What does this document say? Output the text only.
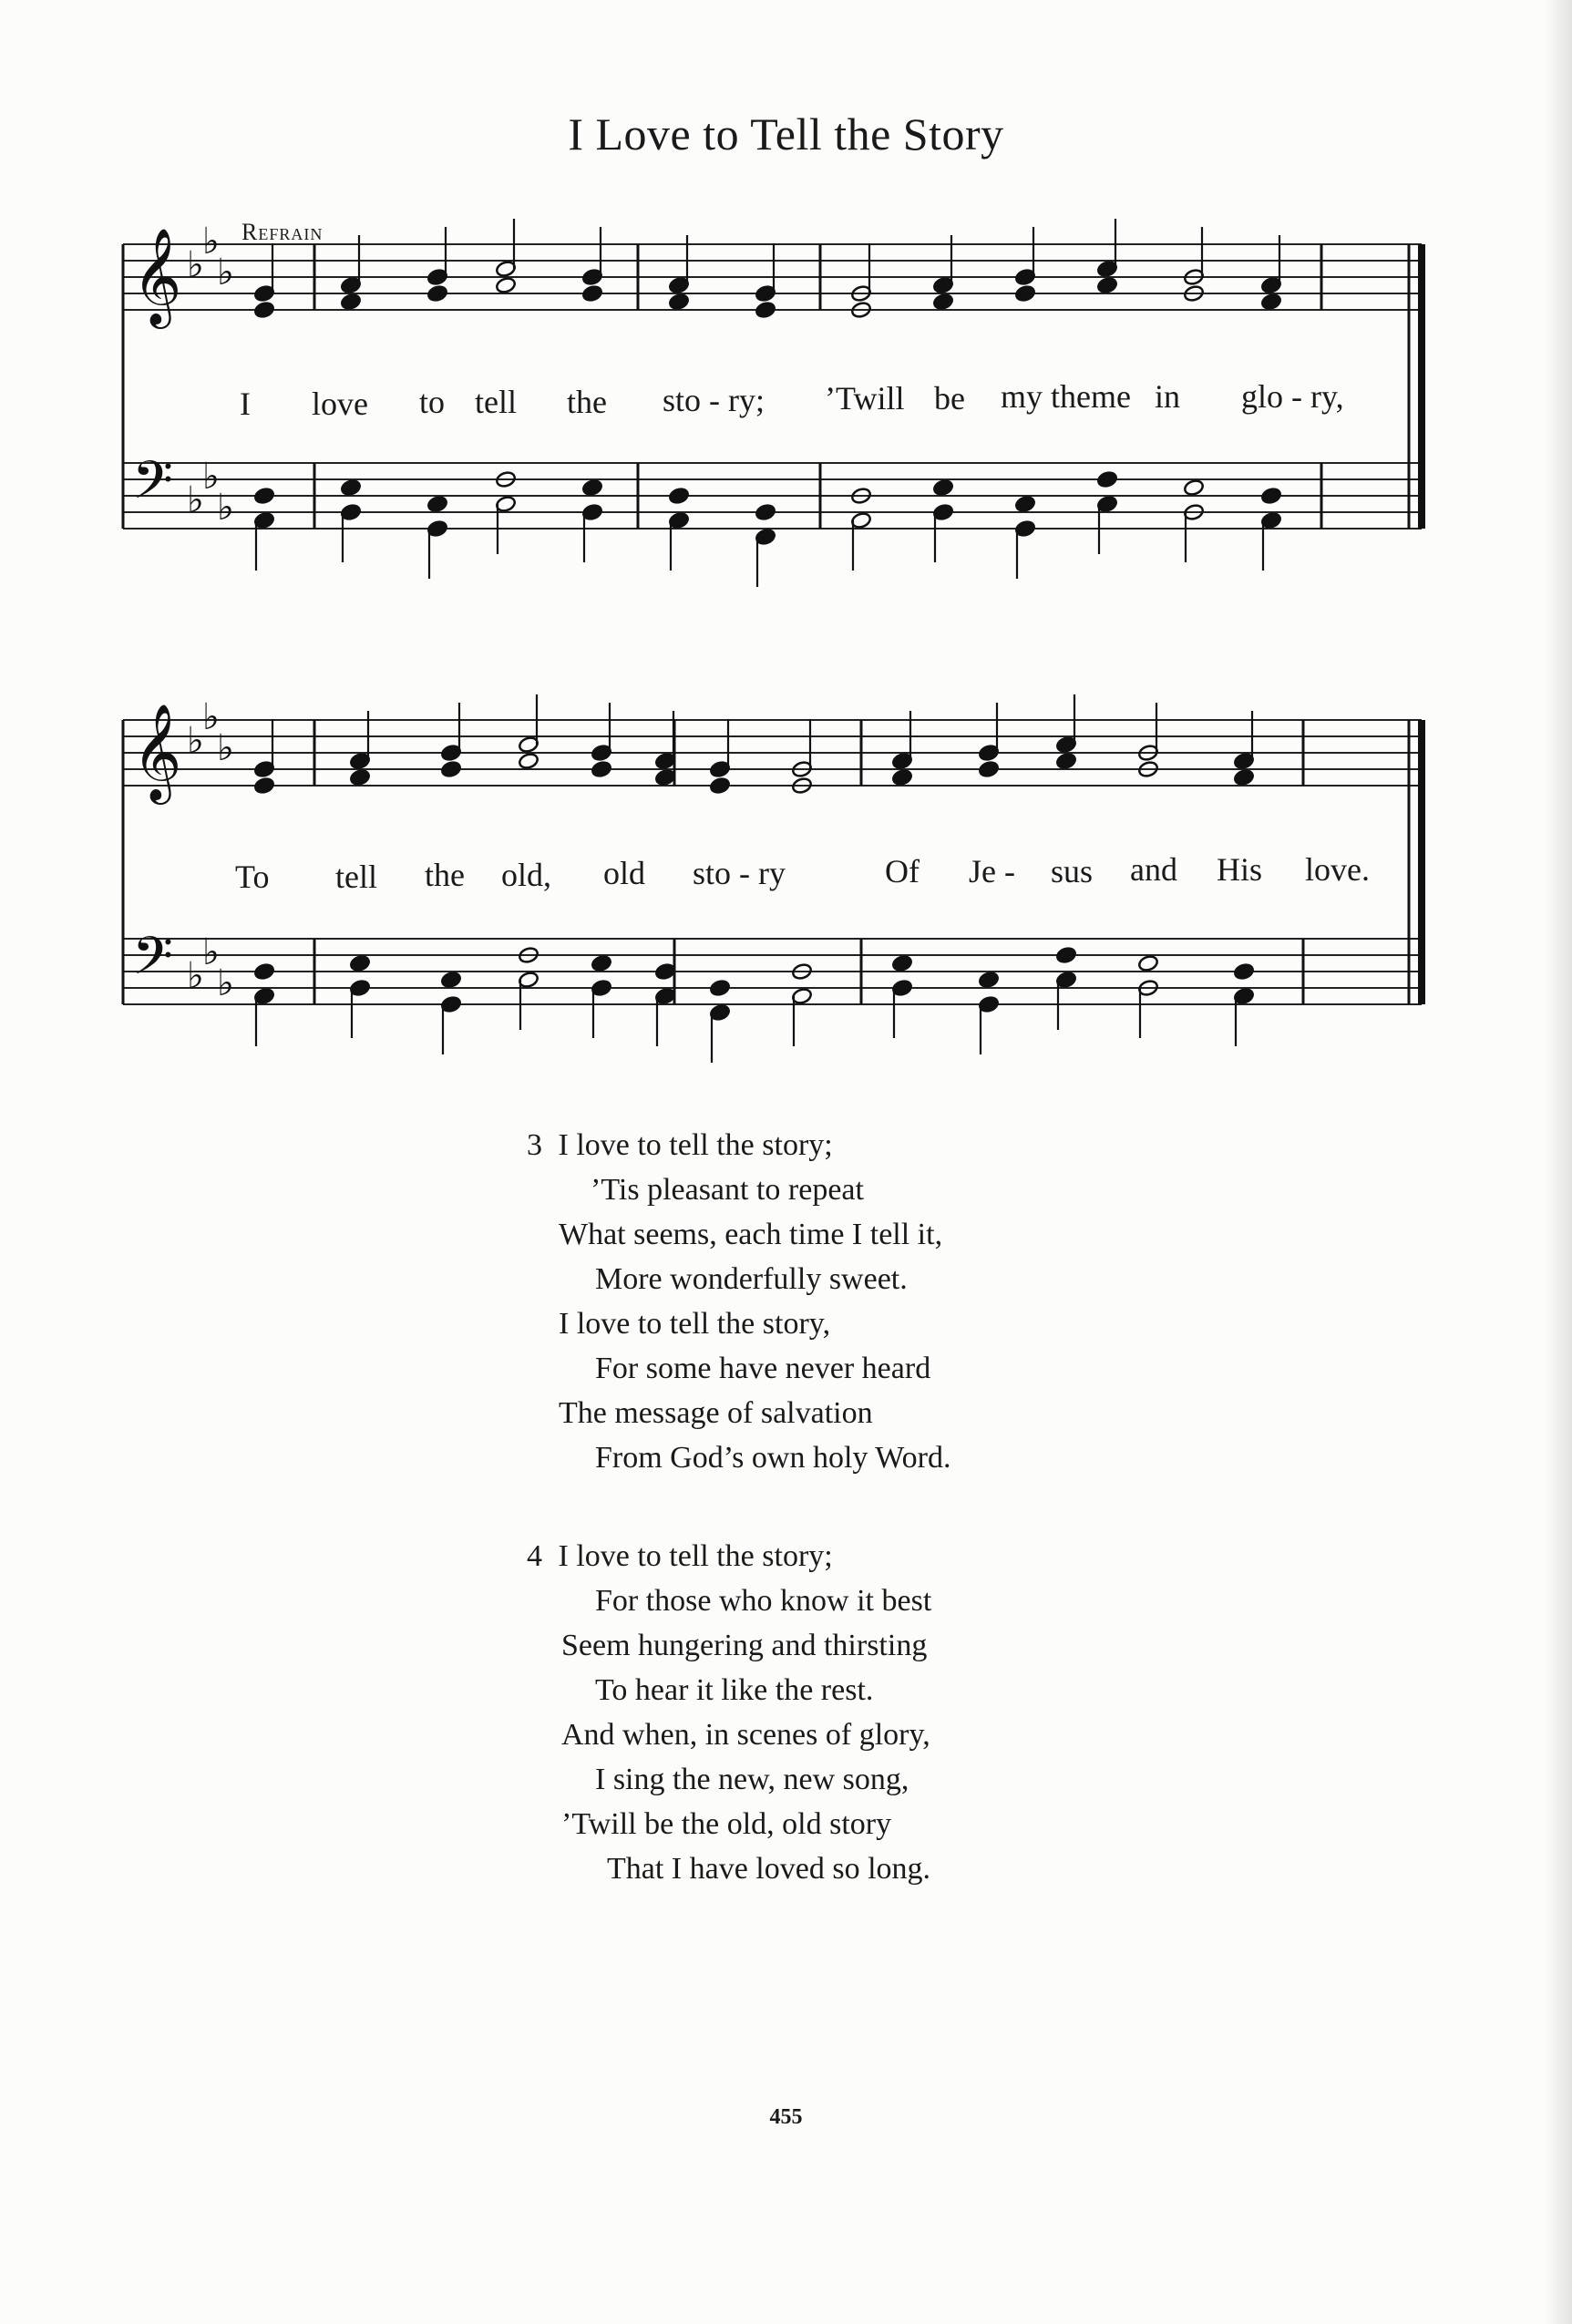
I Love to Tell the Story
Refrain
𝄞 ♭
♭
♭
𝄢 ♭
♭
♭
𝄞 ♭
♭
♭
𝄢 ♭
♭
♭
I love to tell the sto - ry; ’Twill be my theme in glo - ry,
To tell the old, old sto - ry	Of Je - sus and His love.
3 I love to tell the story;
’Tis pleasant to repeat
What seems, each time I tell it,
More wonderfully sweet.
I love to tell the story,
For some have never heard
The message of salvation
From God’s own holy Word.
4 I love to tell the story;
For those who know it best
Seem hungering and thirsting
To hear it like the rest.
And when, in scenes of glory,
I sing the new, new song,
’Twill be the old, old story
That I have loved so long.
455
